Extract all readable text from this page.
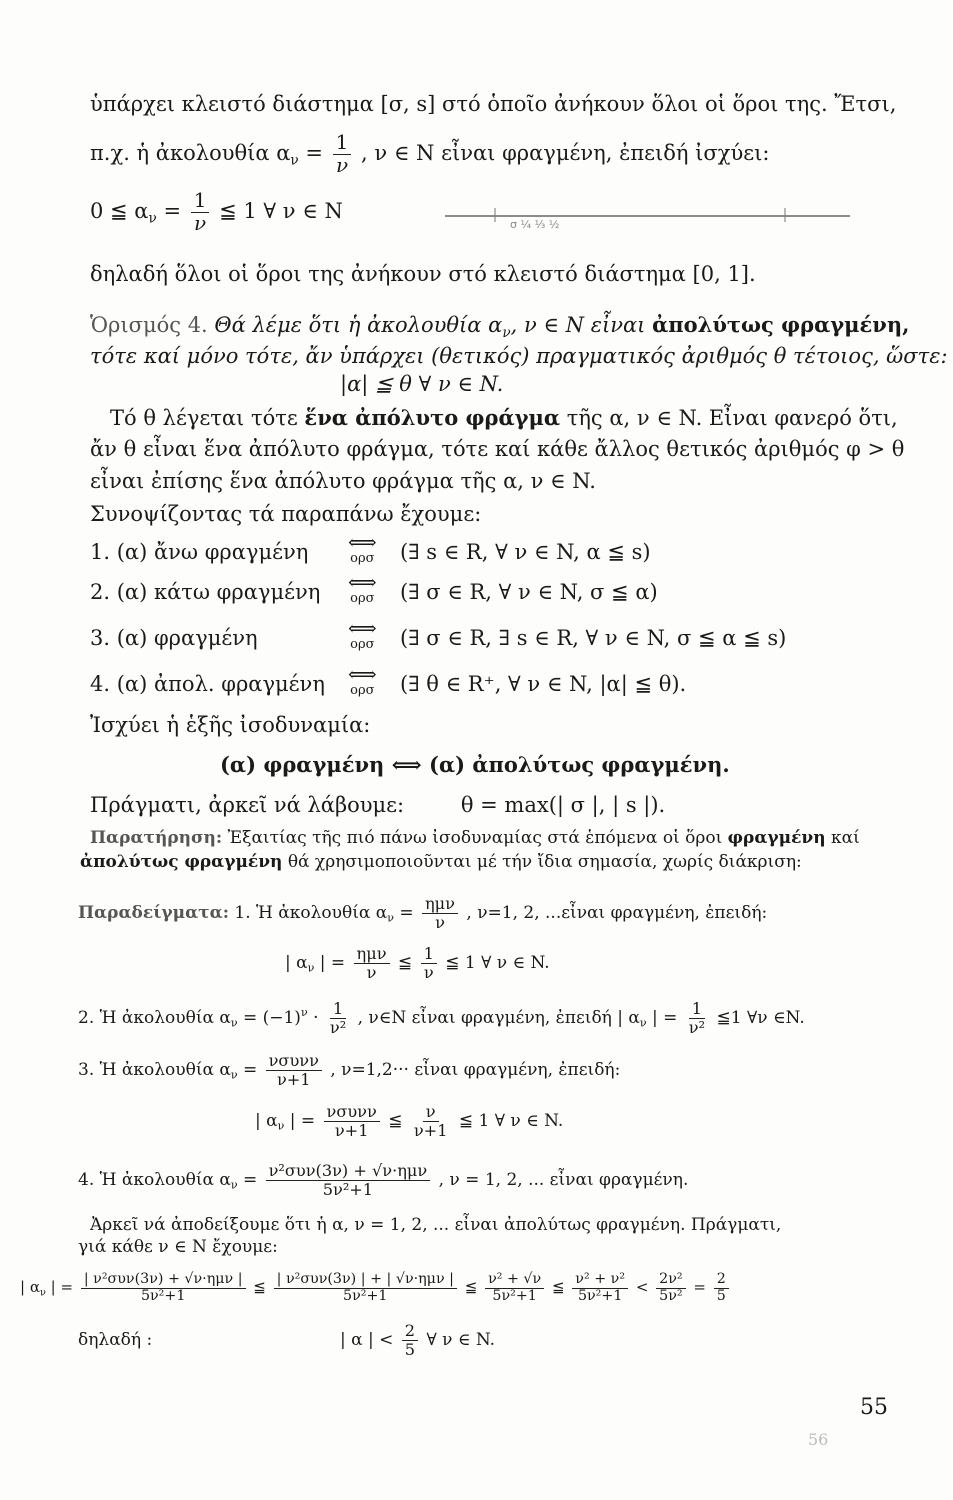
ὑπάρχει κλειστό διάστημα [σ, s] στό ὁποῖο ἀνήκουν ὅλοι οἱ ὅροι της. Ἔτσι,
π.χ. ἡ ἀκολουθία $\alpha_\nu = \frac{1}{\nu}$ , ν ∈ N εἶναι φραγμένη, ἐπειδή ἰσχύει:
0 ≦ $\alpha_\nu = \frac{1}{\nu}$ ≦ 1 ∀ ν ∈ N
σ ¼ ⅓ ½
δηλαδή ὅλοι οἱ ὅροι της ἀνήκουν στό κλειστό διάστημα [0, 1].
Ὁρισμός 4. Θά λέμε ὅτι ἡ ἀκολουθία $\alpha_\nu$, ν ∈ N εἶναι ἀπολύτως φραγμένη,
τότε καί μόνο τότε, ἄν ὑπάρχει (θετικός) πραγματικός ἀριθμός θ τέτοιος, ὥστε:
|α| ≦ θ ∀ ν ∈ N.
Τό θ λέγεται τότε ἕνα ἀπόλυτο φράγμα τῆς α, ν ∈ N. Εἶναι φανερό ὅτι,
ἄν θ εἶναι ἕνα ἀπόλυτο φράγμα, τότε καί κάθε ἄλλος θετικός ἀριθμός φ > θ
εἶναι ἐπίσης ἕνα ἀπόλυτο φράγμα τῆς α, ν ∈ N.
Συνοψίζοντας τά παραπάνω ἔχουμε:
1. (α) ἄνω φραγμένη	⟺
ορσ (∃ s ∈ R, ∀ ν ∈ N, α ≦ s)
2. (α) κάτω φραγμένη	⟺
ορσ (∃ σ ∈ R, ∀ ν ∈ N, σ ≦ α)
3. (α) φραγμένη	⟺
ορσ (∃ σ ∈ R, ∃ s ∈ R, ∀ ν ∈ N, σ ≦ α ≦ s)
4. (α) ἀπολ. φραγμένη	⟺
ορσ (∃ θ ∈ R⁺, ∀ ν ∈ N, |α| ≦ θ).
Ἰσχύει ἡ ἑξῆς ἰσοδυναμία:
(α) φραγμένη ⟺ (α) ἀπολύτως φραγμένη.
Πράγματι, ἀρκεῖ νά λάβουμε:	θ = max(| σ |, | s |).
Παρατήρηση: Ἐξαιτίας τῆς πιό πάνω ἰσοδυναμίας στά ἑπόμενα οἱ ὅροι φραγμένη καί
ἀπολύτως φραγμένη θά χρησιμοποιοῦνται μέ τήν ἴδια σημασία, χωρίς διάκριση:
Παραδείγματα: 1. Ἡ ἀκολουθία $\alpha_\nu = \frac{\text{ημν}}{\nu}$ , ν=1, 2, ...εἶναι φραγμένη, ἐπειδή:
| $\alpha_\nu$ | = $\frac{\text{ημν}}{\nu}$ ≦ $\frac{1}{\nu}$ ≦ 1 ∀ ν ∈ N.
2. Ἡ ἀκολουθία $\alpha_\nu = (-1)^\nu \cdot \frac{1}{\text{ν²}}$ , ν∈N εἶναι φραγμένη, ἐπειδή | $\alpha_\nu$ | = $\frac{1}{\text{ν²}}$ ≦1 ∀ν ∈N.
3. Ἡ ἀκολουθία $\alpha_\nu = \frac{\text{νσυνν}}{\nu+1}$ , ν=1,2··· εἶναι φραγμένη, ἐπειδή:
| $\alpha_\nu$ | = $\frac{\text{νσυνν}}{\nu+1}$ ≦ $\frac{\nu}{\nu+1}$ ≦ 1 ∀ ν ∈ N.
4. Ἡ ἀκολουθία $\alpha_\nu = \frac{\text{ν²συν(3ν) + √ν·ημν}}{\text{5ν²+1}}$ , ν = 1, 2, ... εἶναι φραγμένη.
Ἀρκεῖ νά ἀποδείξουμε ὅτι ἡ α, ν = 1, 2, ... εἶναι ἀπολύτως φραγμένη. Πράγματι,
γιά κάθε ν ∈ N ἔχουμε:
| $\alpha_\nu$ | = $\frac{\text{| ν²συν(3ν) + √ν·ημν |}}{\text{5ν²+1}}$ ≦ $\frac{\text{| ν²συν(3ν) | + | √ν·ημν |}}{\text{5ν²+1}}$ ≦ $\frac{\text{ν² + √ν}}{\text{5ν²+1}}$ ≦ $\frac{\text{ν² + ν²}}{\text{5ν²+1}} < \frac{\text{2ν²}}{\text{5ν²}} = \frac{2}{5}$
δηλαδή :	| α | < $\frac{2}{5}$ ∀ ν ∈ N.
55
56
